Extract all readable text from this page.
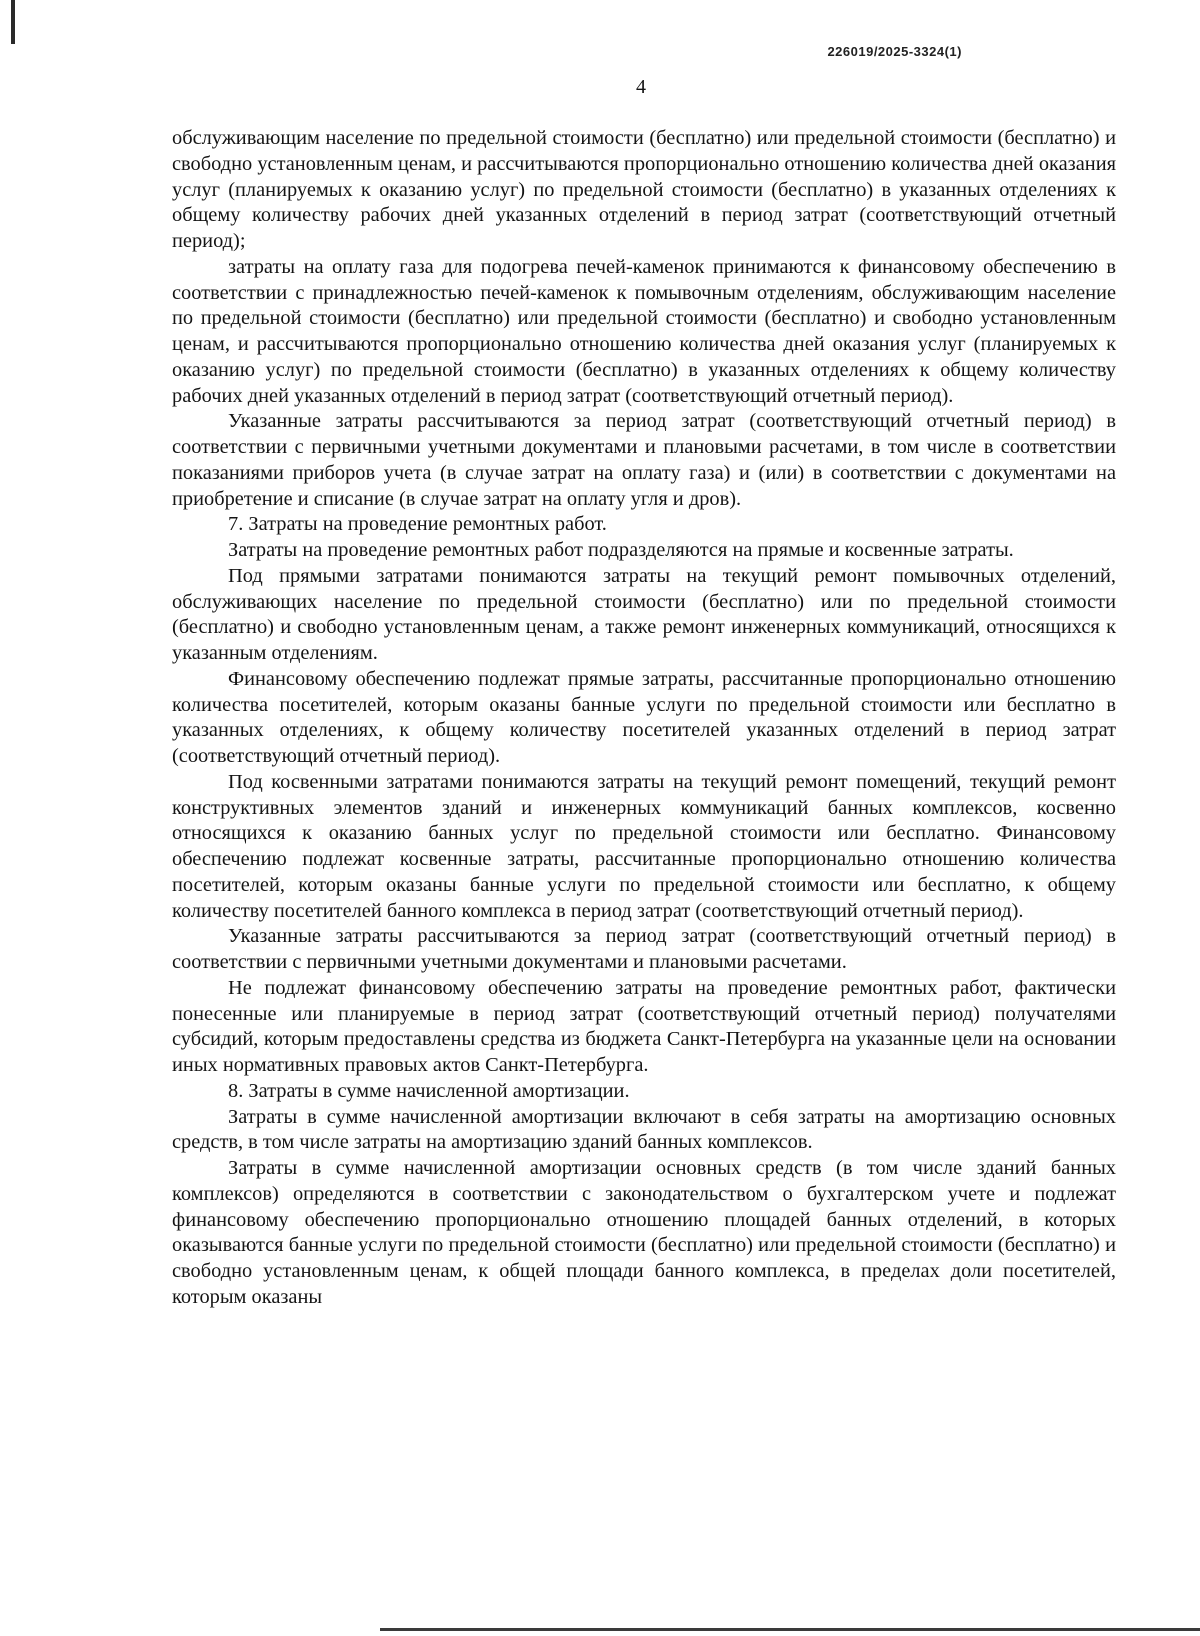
226019/2025-3324(1)
4

обслуживающим население по предельной стоимости (бесплатно) или предельной стоимости (бесплатно) и свободно установленным ценам, и рассчитываются пропорционально отношению количества дней оказания услуг (планируемых к оказанию услуг) по предельной стоимости (бесплатно) в указанных отделениях к общему количеству рабочих дней указанных отделений в период затрат (соответствующий отчетный период);

затраты на оплату газа для подогрева печей-каменок принимаются к финансовому обеспечению в соответствии с принадлежностью печей-каменок к помывочным отделениям, обслуживающим население по предельной стоимости (бесплатно) или предельной стоимости (бесплатно) и свободно установленным ценам, и рассчитываются пропорционально отношению количества дней оказания услуг (планируемых к оказанию услуг) по предельной стоимости (бесплатно) в указанных отделениях к общему количеству рабочих дней указанных отделений в период затрат (соответствующий отчетный период).

Указанные затраты рассчитываются за период затрат (соответствующий отчетный период) в соответствии с первичными учетными документами и плановыми расчетами, в том числе в соответствии показаниями приборов учета (в случае затрат на оплату газа) и (или) в соответствии с документами на приобретение и списание (в случае затрат на оплату угля и дров).

7. Затраты на проведение ремонтных работ.

Затраты на проведение ремонтных работ подразделяются на прямые и косвенные затраты.

Под прямыми затратами понимаются затраты на текущий ремонт помывочных отделений, обслуживающих население по предельной стоимости (бесплатно) или по предельной стоимости (бесплатно) и свободно установленным ценам, а также ремонт инженерных коммуникаций, относящихся к указанным отделениям.

Финансовому обеспечению подлежат прямые затраты, рассчитанные пропорционально отношению количества посетителей, которым оказаны банные услуги по предельной стоимости или бесплатно в указанных отделениях, к общему количеству посетителей указанных отделений в период затрат (соответствующий отчетный период).

Под косвенными затратами понимаются затраты на текущий ремонт помещений, текущий ремонт конструктивных элементов зданий и инженерных коммуникаций банных комплексов, косвенно относящихся к оказанию банных услуг по предельной стоимости или бесплатно. Финансовому обеспечению подлежат косвенные затраты, рассчитанные пропорционально отношению количества посетителей, которым оказаны банные услуги по предельной стоимости или бесплатно, к общему количеству посетителей банного комплекса в период затрат (соответствующий отчетный период).

Указанные затраты рассчитываются за период затрат (соответствующий отчетный период) в соответствии с первичными учетными документами и плановыми расчетами.

Не подлежат финансовому обеспечению затраты на проведение ремонтных работ, фактически понесенные или планируемые в период затрат (соответствующий отчетный период) получателями субсидий, которым предоставлены средства из бюджета Санкт-Петербурга на указанные цели на основании иных нормативных правовых актов Санкт-Петербурга.

8. Затраты в сумме начисленной амортизации.

Затраты в сумме начисленной амортизации включают в себя затраты на амортизацию основных средств, в том числе затраты на амортизацию зданий банных комплексов.

Затраты в сумме начисленной амортизации основных средств (в том числе зданий банных комплексов) определяются в соответствии с законодательством о бухгалтерском учете и подлежат финансовому обеспечению пропорционально отношению площадей банных отделений, в которых оказываются банные услуги по предельной стоимости (бесплатно) или предельной стоимости (бесплатно) и свободно установленным ценам, к общей площади банного комплекса, в пределах доли посетителей, которым оказаны
